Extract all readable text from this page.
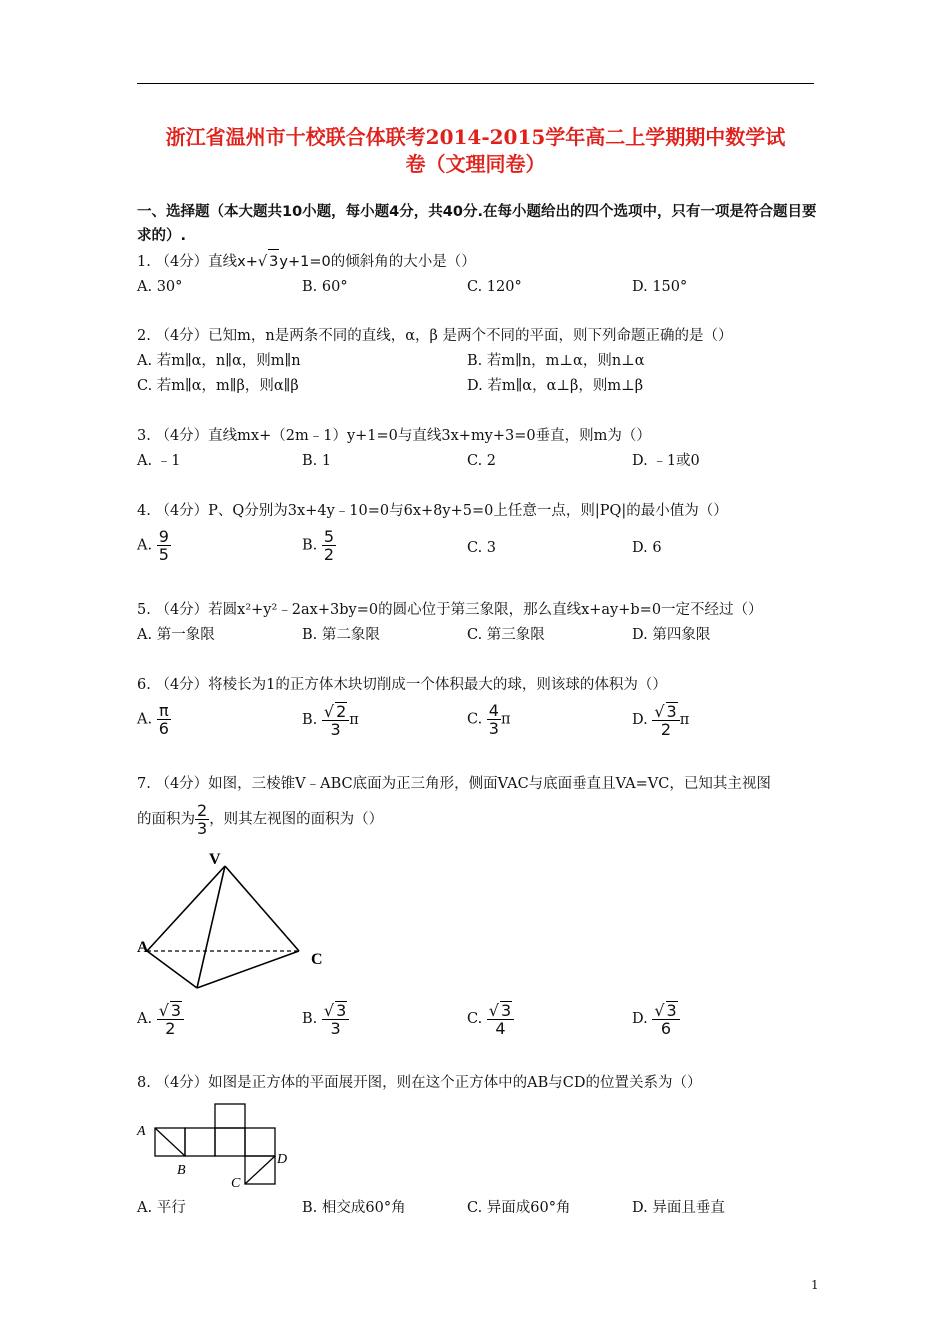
浙江省温州市十校联合体联考2014-2015学年高二上学期期中数学试
卷（文理同卷）
一、选择题（本大题共10小题，每小题4分，共40分.在每小题给出的四个选项中，只有一项是符合题目要求的）.
1. （4分）直线x+√ 3y+1=0的倾斜角的大小是（）
A. 30°	B. 60°	C. 120°	D. 150°
2. （4分）已知m，n是两条不同的直线，α，β 是两个不同的平面，则下列命题正确的是（）
A. 若m∥α，n∥α，则m∥n	B. 若m∥n，m⊥α，则n⊥α
C. 若m∥α，m∥β，则α∥β	D. 若m∥α，α⊥β，则m⊥β
3. （4分）直线mx+（2m﹣1）y+1=0与直线3x+my+3=0垂直，则m为（）
A. ﹣1	B. 1	C. 2	D. ﹣1或0
4. （4分）P、Q分别为3x+4y﹣10=0与6x+8y+5=0上任意一点，则|PQ|的最小值为（）
A. $\frac{9}{5}$	B. $\frac{5}{2}$	C. 3	D. 6
5. （4分）若圆x²+y²﹣2ax+3by=0的圆心位于第三象限，那么直线x+ay+b=0一定不经过（）
A. 第一象限	B. 第二象限	C. 第三象限	D. 第四象限
6. （4分）将棱长为1的正方体木块切削成一个体积最大的球，则该球的体积为（）
A. $\frac{\pi}{6}$	B. $\frac{√ 2}{3}$ π	C. $\frac{4}{3}$ π	D. $\frac{√ 3}{2}$ π
7. （4分）如图，三棱锥V﹣ABC底面为正三角形，侧面VAC与底面垂直且VA=VC，已知其主视图
的面积为 $\frac{2}{3}$ ，则其左视图的面积为（）
V
A
C
A. $\frac{√ 3}{2}$	B. $\frac{√ 3}{3}$	C. $\frac{√ 3}{4}$	D. $\frac{√ 3}{6}$
8. （4分）如图是正方体的平面展开图，则在这个正方体中的AB与CD的位置关系为（）
A
B
C
D
A. 平行	B. 相交成60°角	C. 异面成60°角	D. 异面且垂直
1
